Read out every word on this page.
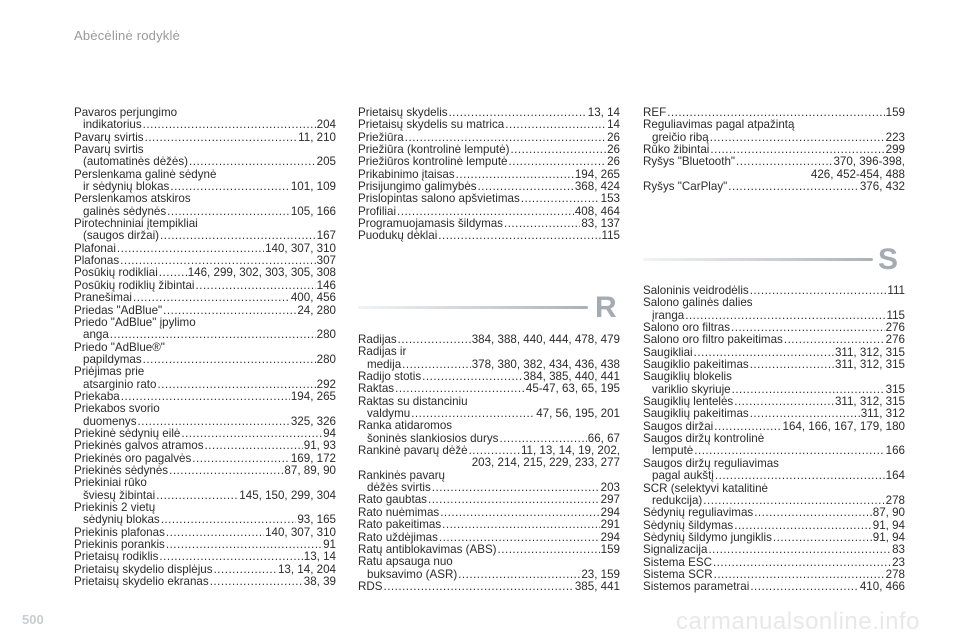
Abėcėlinė rodyklė
Pavaros perjungimo
indikatorius .....	204
Pavarų svirtis .....	11, 210
Pavarų svirtis
(automatinės dėžės) .....	205
Perslenkama galinė sėdynė
ir sėdynių blokas .....	101, 109
Perslenkamos atskiros
galinės sėdynės .....	105, 166
Pirotechniniai įtempikliai
(saugos diržai) .....	167
Plafonai .....	140, 307, 310
Plafonas .....	307
Posūkių rodikliai .....	146, 299, 302, 303, 305, 308
Posūkių rodiklių žibintai .....	146
Pranešimai .....	400, 456
Priedas "AdBlue" .....	24, 280
Priedo "AdBlue" įpylimo
anga .....	280
Priedo "AdBlue®"
papildymas .....	280
Priėjimas prie
atsarginio rato .....	292
Priekaba .....	194, 265
Priekabos svorio
duomenys .....	325, 326
Priekinė sėdynių eilė .....	94
Priekinės galvos atramos .....	91, 93
Priekinės oro pagalvės .....	169, 172
Priekinės sėdynės .....	87, 89, 90
Priekiniai rūko
šviesų žibintai .....	145, 150, 299, 304
Priekinis 2 vietų
sėdynių blokas .....	93, 165
Priekinis plafonas .....	140, 307, 310
Priekinis porankis .....	91
Prietaisų rodiklis .....	13, 14
Prietaisų skydelio displėjus .....	13, 14, 204
Prietaisų skydelio ekranas .....	38, 39
Prietaisų skydelis .....	13, 14
Prietaisų skydelis su matrica .....	14
Priežiūra .....	26
Priežiūra (kontrolinė lemputė) .....	26
Priežiūros kontrolinė lemputė .....	26
Prikabinimo įtaisas .....	194, 265
Prisijungimo galimybės .....	368, 424
Prislopintas salono apšvietimas .....	153
Profiliai .....	408, 464
Programuojamasis šildymas .....	83, 137
Puodukų dėklai .....	115
R
Radijas .....	384, 388, 440, 444, 478, 479
Radijas ir
medija .....	378, 380, 382, 434, 436, 438
Radijo stotis .....	384, 385, 440, 441
Raktas .....	45-47, 63, 65, 195
Raktas su distanciniu
valdymu .....	47, 56, 195, 201
Ranka atidaromos
šoninės slankiosios durys .....	66, 67
Rankinė pavarų dėžė .....	11, 13, 14, 19, 202,
203, 214, 215, 229, 233, 277
Rankinės pavarų
dėžės svirtis .....	203
Rato gaubtas .....	297
Rato nuėmimas .....	294
Rato pakeitimas .....	291
Rato uždėjimas .....	294
Ratų antiblokavimas (ABS) .....	159
Ratu apsauga nuo
buksavimo (ASR) .....	23, 159
RDS .....	385, 441
REF .....	159
Reguliavimas pagal atpažintą
greičio ribą .....	223
Rūko žibintai .....	299
Ryšys "Bluetooth" .....	370, 396-398,
426, 452-454, 488
Ryšys "CarPlay" .....	376, 432
S
Saloninis veidrodėlis .....	111
Salono galinės dalies
įranga .....	115
Salono oro filtras .....	276
Salono oro filtro pakeitimas .....	276
Saugikliai .....	311, 312, 315
Saugiklio pakeitimas .....	311, 312, 315
Saugiklių blokelis
variklio skyriuje .....	315
Saugiklių lentelės .....	311, 312, 315
Saugiklių pakeitimas .....	311, 312
Saugos diržai .....	164, 166, 167, 179, 180
Saugos diržų kontrolinė
lemputė .....	166
Saugos diržų reguliavimas
pagal aukštį .....	164
SCR (selektyvi katalitinė
redukcija) .....	278
Sėdynių reguliavimas .....	87, 90
Sėdynių šildymas .....	91, 94
Sėdynių šildymo jungiklis .....	91, 94
Signalizacija .....	83
Sistema ESC .....	23
Sistema SCR .....	278
Sistemos parametrai .....	410, 466
500	carmanualsonline.info
